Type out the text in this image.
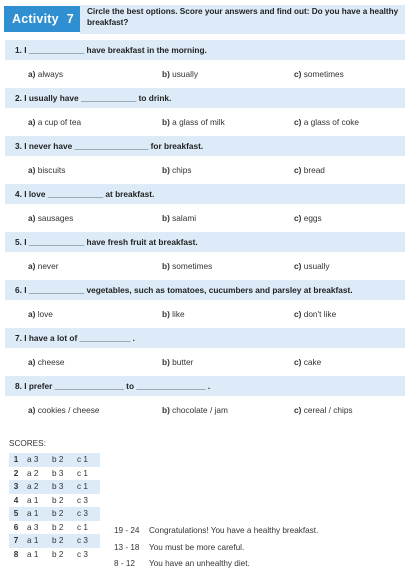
Activity 7
Circle the best options. Score your answers and find out: Do you have a healthy breakfast?
1. I ____________ have breakfast in the morning.
a) always	b) usually	c) sometimes
2. I usually have ____________ to drink.
a) a cup of tea	b) a glass of milk	c) a glass of coke
3. I never have ________________ for breakfast.
a) biscuits	b) chips	c) bread
4. I love ____________ at breakfast.
a) sausages	b) salami	c) eggs
5. I ____________ have fresh fruit at breakfast.
a) never	b) sometimes	c) usually
6. I ____________ vegetables, such as tomatoes, cucumbers and parsley at breakfast.
a) love	b) like	c) don't like
7. I have a lot of ___________ .
a) cheese	b) butter	c) cake
8. I prefer _______________ to _______________ .
a) cookies / cheese	b) chocolate / jam	c) cereal / chips
SCORES:
1	a 3	b 2	c 1
2	a 2	b 3	c 1
3	a 2	b 3	c 1
4	a 1	b 2	c 3
5	a 1	b 2	c 3
6	a 3	b 2	c 1
7	a 1	b 2	c 3
8	a 1	b 2	c 3
19 - 24 Congratulations! You have a healthy breakfast.
13 - 18 You must be more careful.
8 - 12 You have an unhealthy diet.
